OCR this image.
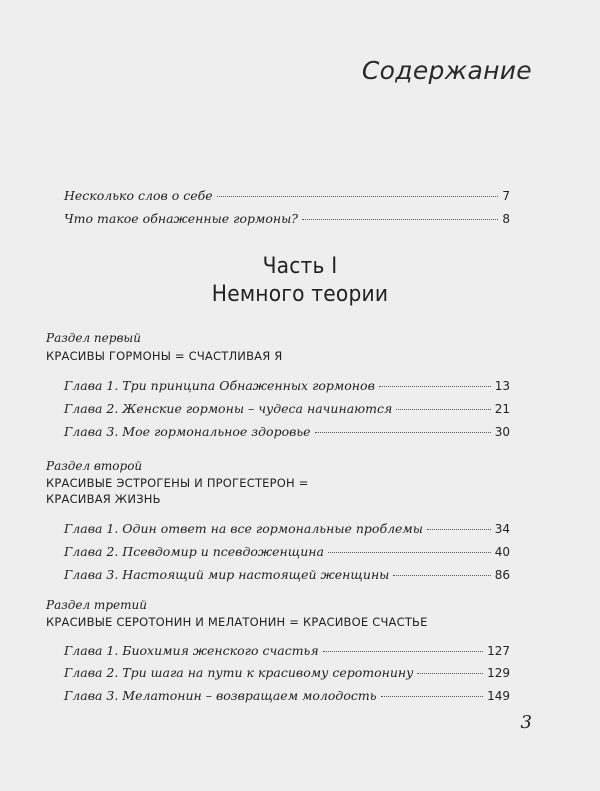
Содержание
Несколько слов о себе	7
Что такое обнаженные гормоны?	8
Часть I
Немного теории
Раздел первый
КРАСИВЫ ГОРМОНЫ = СЧАСТЛИВАЯ Я
Глава 1. Три принципа Обнаженных гормонов	13
Глава 2. Женские гормоны – чудеса начинаются	21
Глава 3. Мое гормональное здоровье	30
Раздел второй
КРАСИВЫЕ ЭСТРОГЕНЫ И ПРОГЕСТЕРОН =
КРАСИВАЯ ЖИЗНЬ
Глава 1. Один ответ на все гормональные проблемы	34
Глава 2. Псевдомир и псевдоженщина	40
Глава 3. Настоящий мир настоящей женщины	86
Раздел третий
КРАСИВЫЕ СЕРОТОНИН И МЕЛАТОНИН = КРАСИВОЕ СЧАСТЬЕ
Глава 1. Биохимия женского счастья	127
Глава 2. Три шага на пути к красивому серотонину	129
Глава 3. Мелатонин – возвращаем молодость	149
3
